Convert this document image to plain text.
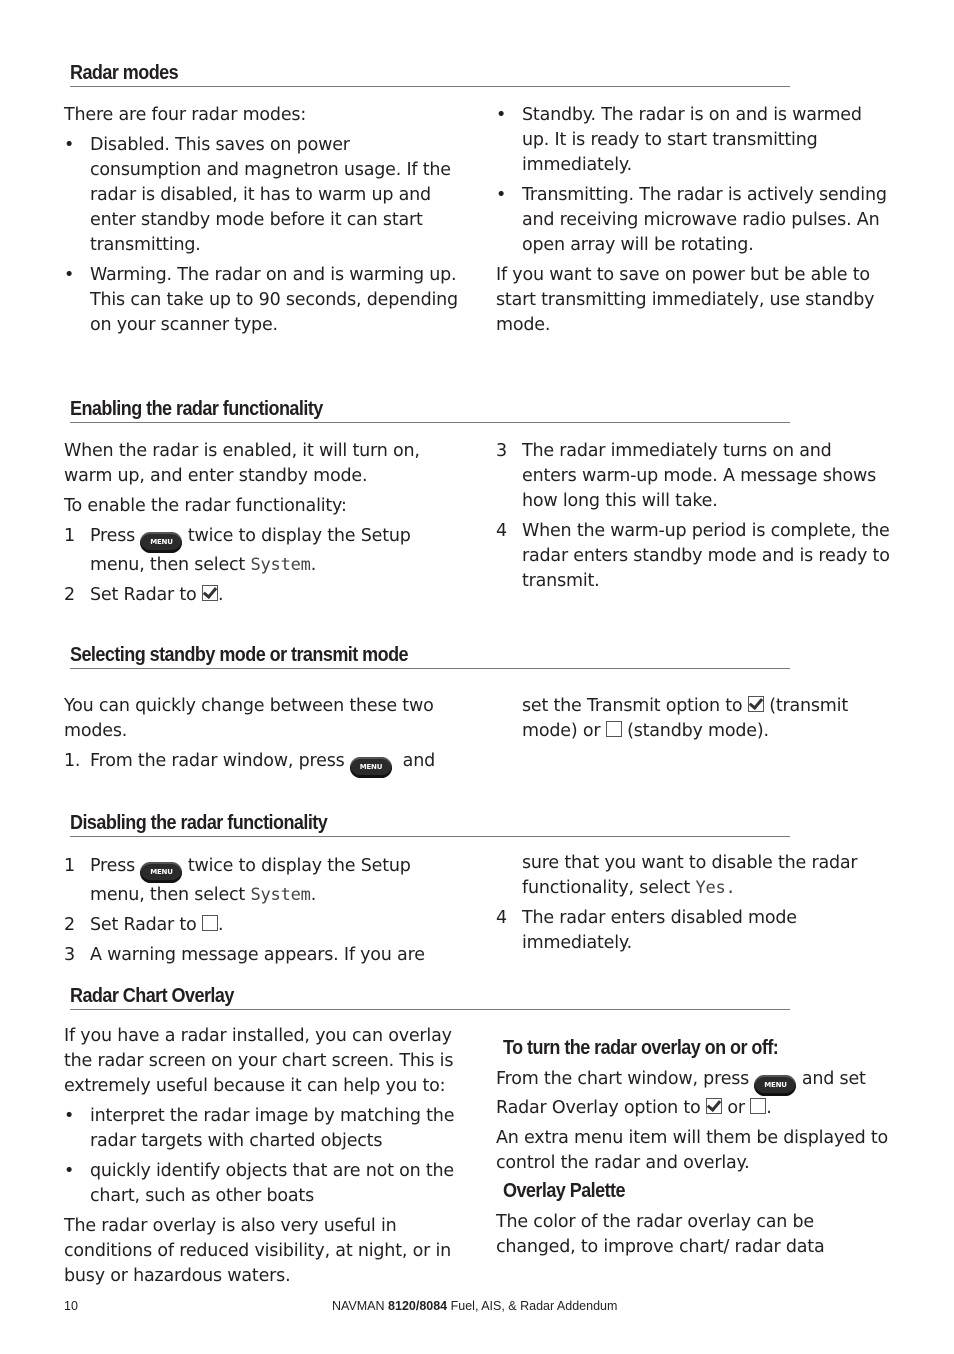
Radar modes

There are four radar modes:

• Disabled. This saves on power consumption and magnetron usage. If the radar is disabled, it has to warm up and enter standby mode before it can start transmitting.
• Warming. The radar on and is warming up. This can take up to 90 seconds, depending on your scanner type.
• Standby. The radar is on and is warmed up. It is ready to start transmitting immediately.
• Transmitting. The radar is actively sending and receiving microwave radio pulses. An open array will be rotating.

If you want to save on power but be able to start transmitting immediately, use standby mode.

Enabling the radar functionality

When the radar is enabled, it will turn on, warm up, and enter standby mode.

To enable the radar functionality:

1 Press MENU twice to display the Setup menu, then select System.
2 Set Radar to .
3 The radar immediately turns on and enters warm-up mode. A message shows how long this will take.
4 When the warm-up period is complete, the radar enters standby mode and is ready to transmit.
Selecting standby mode or transmit mode

You can quickly change between these two modes.

1. From the radar window, press MENU and

set the Transmit option to (transmit mode) or (standby mode).

Disabling the radar functionality
1 Press MENU twice to display the Setup menu, then select System.
2 Set Radar to .
3 A warning message appears. If you are
sure that you want to disable the radar functionality, select Yes.
4 The radar enters disabled mode immediately.
Radar Chart Overlay

If you have a radar installed, you can overlay the radar screen on your chart screen. This is extremely useful because it can help you to:

• interpret the radar image by matching the radar targets with charted objects
• quickly identify objects that are not on the chart, such as other boats

The radar overlay is also very useful in conditions of reduced visibility, at night, or in busy or hazardous waters.

To turn the radar overlay on or off:

From the chart window, press MENU and set Radar Overlay option to or .

An extra menu item will them be displayed to control the radar and overlay.

Overlay Palette

The color of the radar overlay can be changed, to improve chart/ radar data

10	NAVMAN 8120/8084 Fuel, AIS, & Radar Addendum
